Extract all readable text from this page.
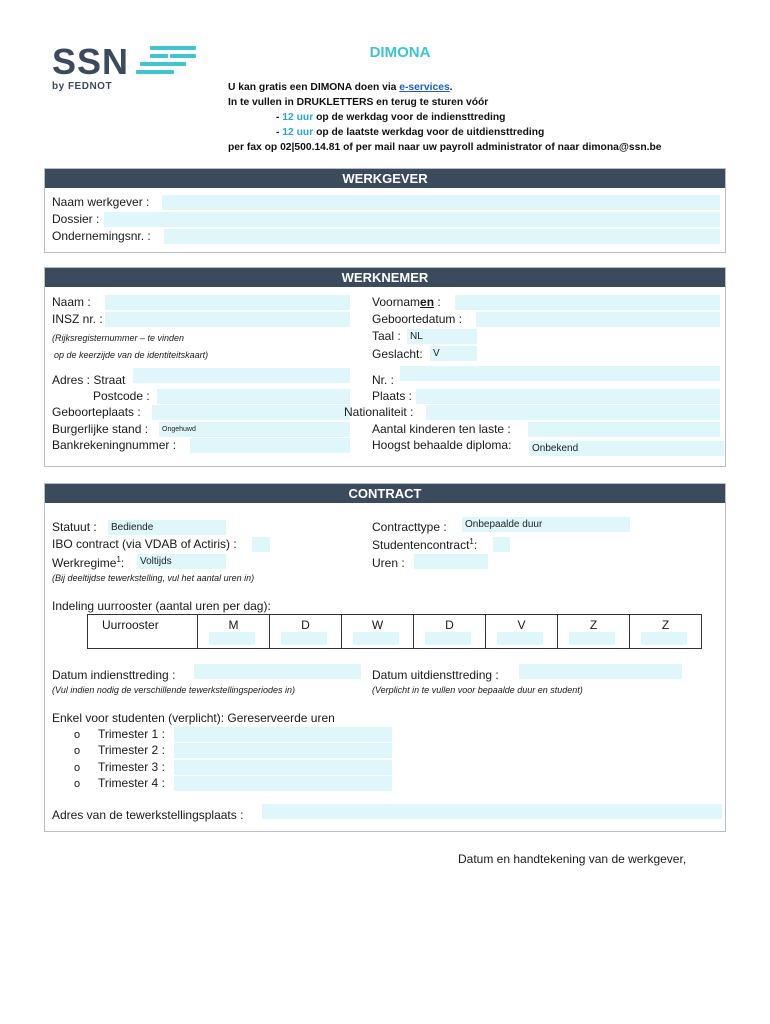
SSN
by FEDNOT
DIMONA
U kan gratis een DIMONA doen via e-services.
In te vullen in DRUKLETTERS en terug te sturen vóór
- 12 uur op de werkdag voor de indiensttreding
- 12 uur op de laatste werkdag voor de uitdiensttreding
per fax op 02|500.14.81 of per mail naar uw payroll administrator of naar dimona@ssn.be
WERKGEVER
Naam werkgever :
Dossier :
Ondernemingsnr. :
WERKNEMER
Naam :
INSZ nr. :
(Rijksregisternummer – te vinden
op de keerzijde van de identiteitskaart)
Voornamen :
Geboortedatum :
Taal : NL
Geslacht:	V
Adres : Straat
Postcode :
Geboorteplaats :
Burgerlijke stand :	Ongehuwd
Bankrekeningnummer :
Nr. :
Plaats :
Nationaliteit :
Aantal kinderen ten laste :
Hoogst behaalde diploma:	Onbekend
CONTRACT
Statuut :	Bediende
IBO contract (via VDAB of Actiris) :
Werkregime$^1$:	Voltijds
(Bij deeltijdse tewerkstelling, vul het aantal uren in)
Contracttype :	Onbepaalde duur
Studentencontract$^1$:
Uren :
Indeling uurrooster (aantal uren per dag):
Uurrooster	M	D	W	D	V	Z	Z
Datum indiensttreding :
(Vul indien nodig de verschillende tewerkstellingsperiodes in)
Datum uitdiensttreding :
(Verplicht in te vullen voor bepaalde duur en student)
Enkel voor studenten (verplicht): Gereserveerde uren
o Trimester 1 :
o Trimester 2 :
o Trimester 3 :
o Trimester 4 :
Adres van de tewerkstellingsplaats :
Datum en handtekening van de werkgever,
